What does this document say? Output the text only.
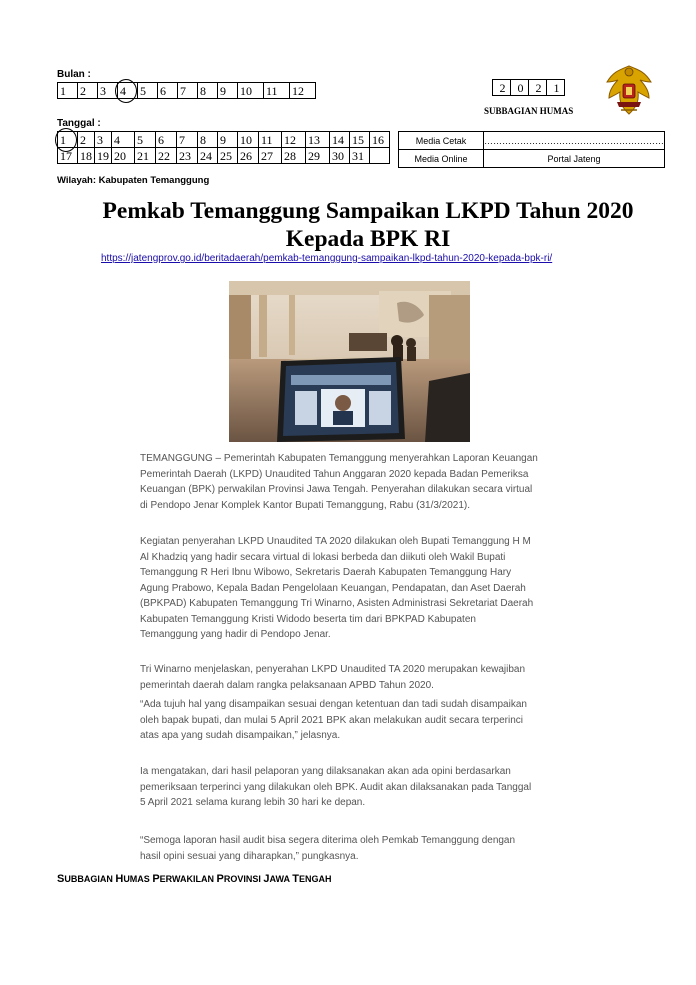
Bulan :
1	2	3	4	5	6	7	8	9	10	11	12	2	0	2	1
SUBBAGIAN HUMAS
Tanggal :
1	2	3	4	5	6	7	8	9	10	11	12	13	14	15	16
17	18	19	20	21	22	23	24	25	26	27	28	29	30	31	
Media Cetak	……………………………………………………
Media Online	Portal Jateng
Wilayah: Kabupaten Temanggung
Pemkab Temanggung Sampaikan LKPD Tahun 2020
Kepada BPK RI
https://jatengprov.go.id/beritadaerah/pemkab-temanggung-sampaikan-lkpd-tahun-2020-kepada-bpk-ri/

TEMANGGUNG – Pemerintah Kabupaten Temanggung menyerahkan Laporan Keuangan

Pemerintah Daerah (LKPD) Unaudited Tahun Anggaran 2020 kepada Badan Pemeriksa

Keuangan (BPK) perwakilan Provinsi Jawa Tengah. Penyerahan dilakukan secara virtual

di Pendopo Jenar Komplek Kantor Bupati Temanggung, Rabu (31/3/2021).

Kegiatan penyerahan LKPD Unaudited TA 2020 dilakukan oleh Bupati Temanggung H M

Al Khadziq yang hadir secara virtual di lokasi berbeda dan diikuti oleh Wakil Bupati

Temanggung R Heri Ibnu Wibowo, Sekretaris Daerah Kabupaten Temanggung Hary

Agung Prabowo, Kepala Badan Pengelolaan Keuangan, Pendapatan, dan Aset Daerah

(BPKPAD) Kabupaten Temanggung Tri Winarno, Asisten Administrasi Sekretariat Daerah

Kabupaten Temanggung Kristi Widodo beserta tim dari BPKPAD Kabupaten

Temanggung yang hadir di Pendopo Jenar.

Tri Winarno menjelaskan, penyerahan LKPD Unaudited TA 2020 merupakan kewajiban

pemerintah daerah dalam rangka pelaksanaan APBD Tahun 2020.

“Ada tujuh hal yang disampaikan sesuai dengan ketentuan dan tadi sudah disampaikan

oleh bapak bupati, dan mulai 5 April 2021 BPK akan melakukan audit secara terperinci

atas apa yang sudah disampaikan,” jelasnya.

Ia mengatakan, dari hasil pelaporan yang dilaksanakan akan ada opini berdasarkan

pemeriksaan terperinci yang dilakukan oleh BPK. Audit akan dilaksanakan pada Tanggal

5 April 2021 selama kurang lebih 30 hari ke depan.

“Semoga laporan hasil audit bisa segera diterima oleh Pemkab Temanggung dengan

hasil opini sesuai yang diharapkan,” pungkasnya.

SUBBAGIAN HUMAS PERWAKILAN PROVINSI JAWA TENGAH
